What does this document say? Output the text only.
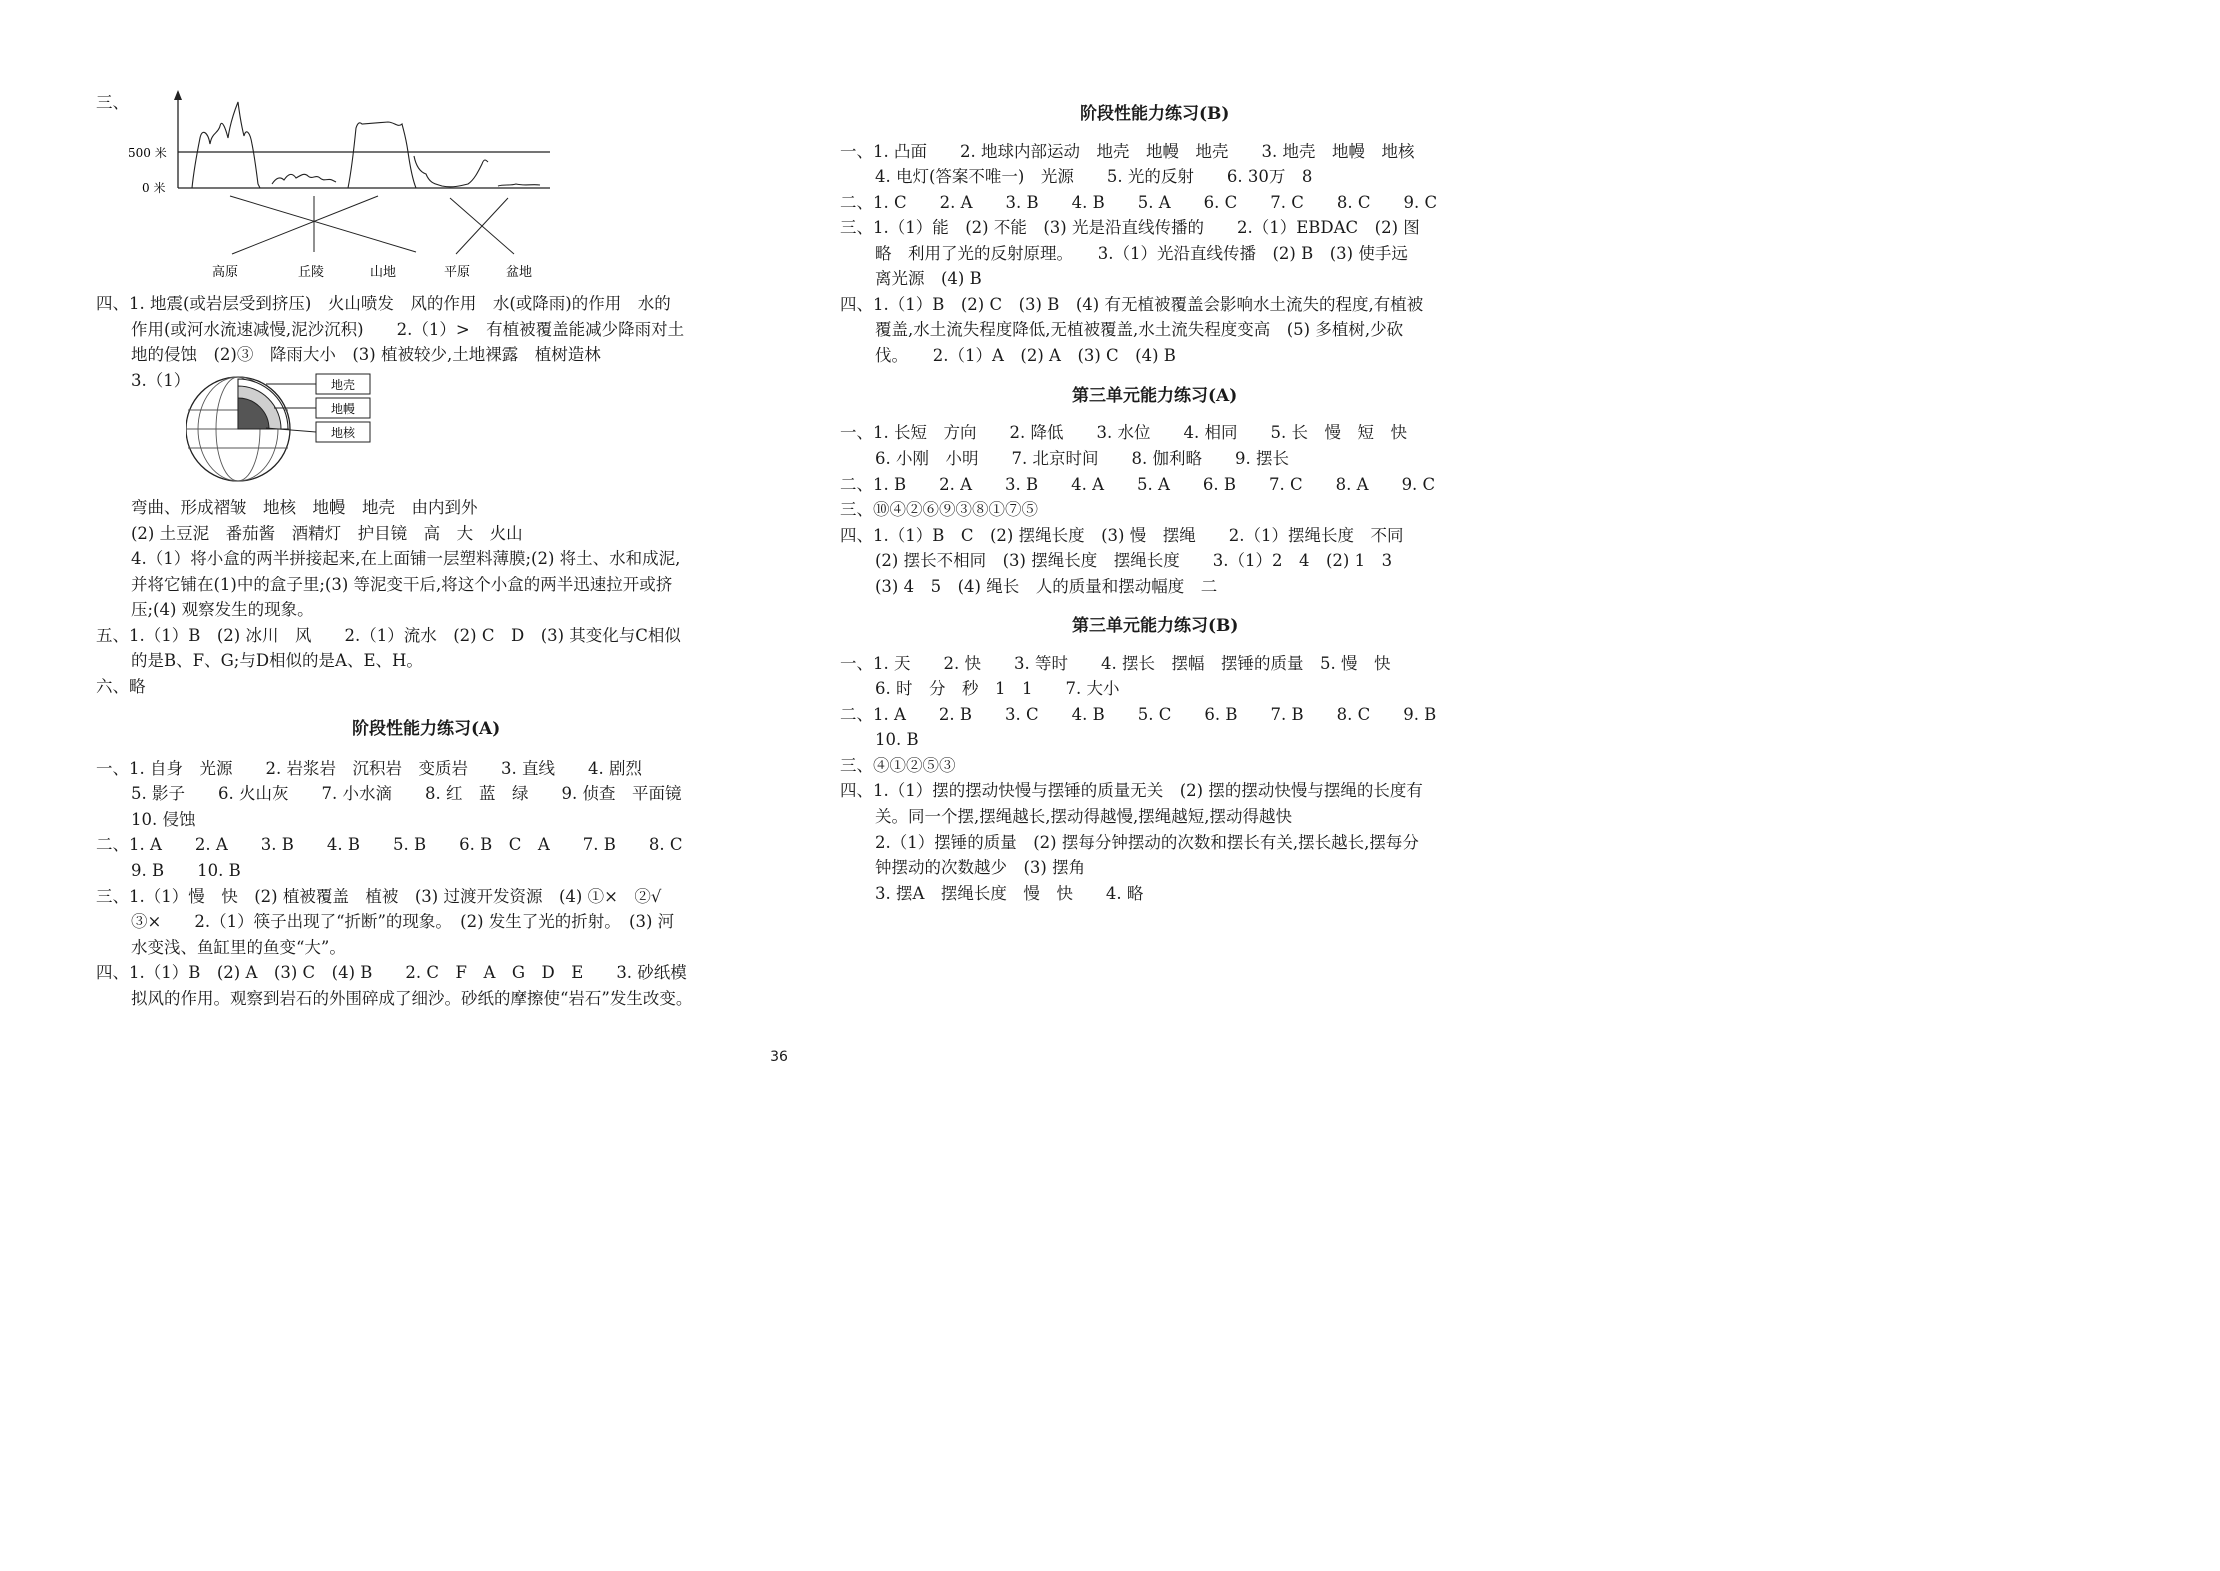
三、
500 米
0 米
高原	丘陵	山地	平原	盆地
四、1. 地震(或岩层受到挤压)　火山喷发　风的作用　水(或降雨)的作用　水的
作用(或河水流速减慢,泥沙沉积)　　2.（1）>　有植被覆盖能减少降雨对土
地的侵蚀　(2)③　降雨大小　(3) 植被较少,土地裸露　植树造林
3.（1）	地壳
地幔
地核
弯曲、形成褶皱　地核　地幔　地壳　由内到外
(2) 土豆泥　番茄酱　酒精灯　护目镜　高　大　火山
4.（1）将小盒的两半拼接起来,在上面铺一层塑料薄膜;(2) 将土、水和成泥,
并将它铺在(1)中的盒子里;(3) 等泥变干后,将这个小盒的两半迅速拉开或挤
压;(4) 观察发生的现象。
五、1.（1）B　(2) 冰川　风　　2.（1）流水　(2) C　D　(3) 其变化与C相似
的是B、F、G;与D相似的是A、E、H。
六、略
阶段性能力练习(A)
一、1. 自身　光源　　2. 岩浆岩　沉积岩　变质岩　　3. 直线　　4. 剧烈
5. 影子　　6. 火山灰　　7. 小水滴　　8. 红　蓝　绿　　9. 侦查　平面镜
10. 侵蚀
二、1. A　　2. A　　3. B　　4. B　　5. B　　6. B　C　A　　7. B　　8. C
9. B　　10. B
三、1.（1）慢　快　(2) 植被覆盖　植被　(3) 过渡开发资源　(4) ①×　②√
③×　　2.（1）筷子出现了“折断”的现象。　(2) 发生了光的折射。　(3) 河
水变浅、鱼缸里的鱼变“大”。
四、1.（1）B　(2) A　(3) C　(4) B　　2. C　F　A　G　D　E　　3. 砂纸模
拟风的作用。观察到岩石的外围碎成了细沙。砂纸的摩擦使“岩石”发生改变。
阶段性能力练习(B)
一、1. 凸面　　2. 地球内部运动　地壳　地幔　地壳　　3. 地壳　地幔　地核
4. 电灯(答案不唯一)　光源　　5. 光的反射　　6. 30万　8
二、1. C　　2. A　　3. B　　4. B　　5. A　　6. C　　7. C　　8. C　　9. C
三、1.（1）能　(2) 不能　(3) 光是沿直线传播的　　2.（1）EBDAC　(2) 图
略　利用了光的反射原理。　　3.（1）光沿直线传播　(2) B　(3) 使手远
离光源　(4) B
四、1.（1）B　(2) C　(3) B　(4) 有无植被覆盖会影响水土流失的程度,有植被
覆盖,水土流失程度降低,无植被覆盖,水土流失程度变高　(5) 多植树,少砍
伐。　　2.（1）A　(2) A　(3) C　(4) B
第三单元能力练习(A)
一、1. 长短　方向　　2. 降低　　3. 水位　　4. 相同　　5. 长　慢　短　快
6. 小刚　小明　　7. 北京时间　　8. 伽利略　　9. 摆长
二、1. B　　2. A　　3. B　　4. A　　5. A　　6. B　　7. C　　8. A　　9. C
三、⑩④②⑥⑨③⑧①⑦⑤
四、1.（1）B　C　(2) 摆绳长度　(3) 慢　摆绳　　2.（1）摆绳长度　不同
(2) 摆长不相同　(3) 摆绳长度　摆绳长度　　3.（1）2　4　(2) 1　3
(3) 4　5　(4) 绳长　人的质量和摆动幅度　二
第三单元能力练习(B)
一、1. 天　　2. 快　　3. 等时　　4. 摆长　摆幅　摆锤的质量　5. 慢　快
6. 时　分　秒　1　1　　7. 大小
二、1. A　　2. B　　3. C　　4. B　　5. C　　6. B　　7. B　　8. C　　9. B
10. B
三、④①②⑤③
四、1.（1）摆的摆动快慢与摆锤的质量无关　(2) 摆的摆动快慢与摆绳的长度有
关。同一个摆,摆绳越长,摆动得越慢,摆绳越短,摆动得越快
2.（1）摆锤的质量　(2) 摆每分钟摆动的次数和摆长有关,摆长越长,摆每分
钟摆动的次数越少　(3) 摆角
3. 摆A　摆绳长度　慢　快　　4. 略
36
